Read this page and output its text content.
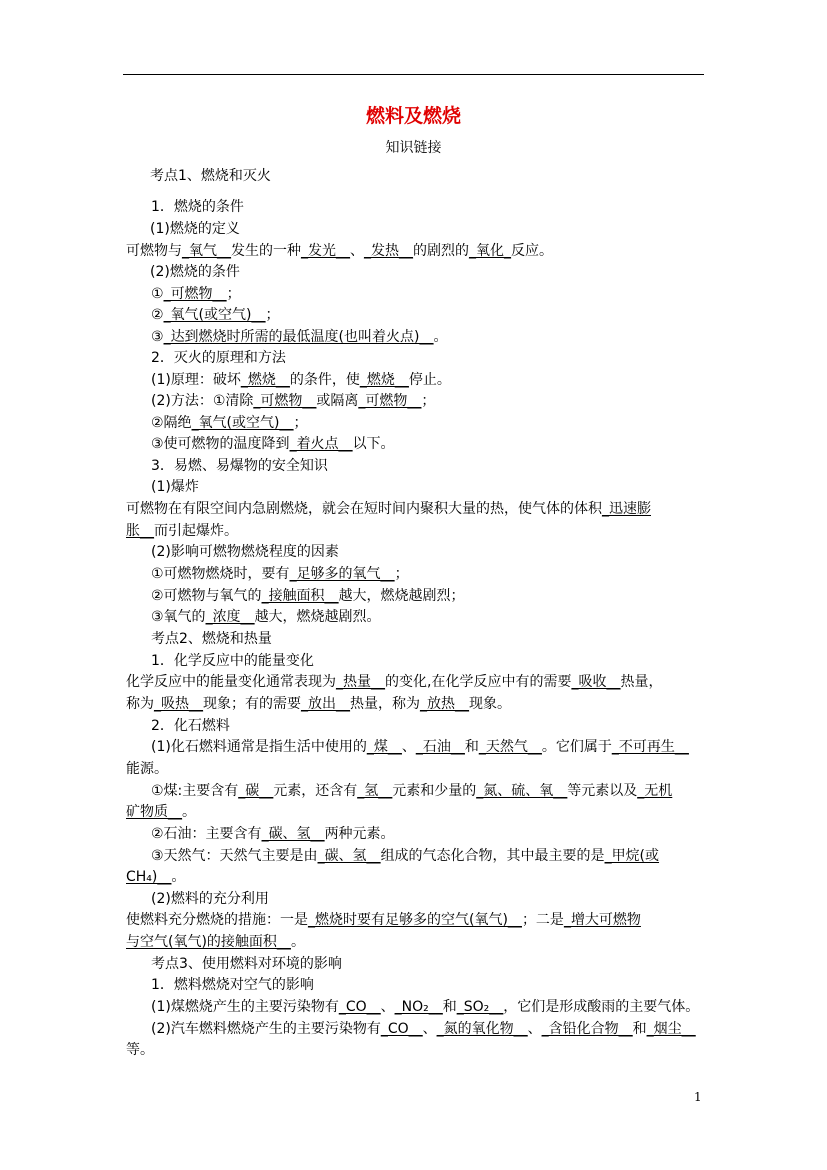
燃料及燃烧
知识链接
考点1、燃烧和灭火
1．燃烧的条件
(1)燃烧的定义
可燃物与_氧气__发生的一种_发光__、_发热__的剧烈的_氧化_反应。
(2)燃烧的条件
①_可燃物__；
②_氧气(或空气)__；
③_达到燃烧时所需的最低温度(也叫着火点)__。
2．灭火的原理和方法
(1)原理：破坏_燃烧__的条件，使_燃烧__停止。
(2)方法：①清除_可燃物__或隔离_可燃物__；
②隔绝_氧气(或空气)__；
③使可燃物的温度降到_着火点__以下。
3．易燃、易爆物的安全知识
(1)爆炸
可燃物在有限空间内急剧燃烧，就会在短时间内聚积大量的热，使气体的体积_迅速膨
胀__而引起爆炸。
(2)影响可燃物燃烧程度的因素
①可燃物燃烧时，要有_足够多的氧气__；
②可燃物与氧气的_接触面积__越大，燃烧越剧烈；
③氧气的_浓度__越大，燃烧越剧烈。
考点2、燃烧和热量
1．化学反应中的能量变化
化学反应中的能量变化通常表现为_热量__的变化,在化学反应中有的需要_吸收__热量，
称为_吸热__现象；有的需要_放出__热量，称为_放热__现象。
2．化石燃料
(1)化石燃料通常是指生活中使用的_煤__、_石油__和_天然气__。它们属于_不可再生__
能源。
①煤:主要含有_碳__元素，还含有_氢__元素和少量的_氮、硫、氧__等元素以及_无机
矿物质__。
②石油：主要含有_碳、氢__两种元素。
③天然气：天然气主要是由_碳、氢__组成的气态化合物，其中最主要的是_甲烷(或
CH₄)__。
(2)燃料的充分利用
使燃料充分燃烧的措施：一是_燃烧时要有足够多的空气(氧气)__；二是_增大可燃物
与空气(氧气)的接触面积__。
考点3、使用燃料对环境的影响
1．燃料燃烧对空气的影响
(1)煤燃烧产生的主要污染物有_CO__、_NO₂__和_SO₂__，它们是形成酸雨的主要气体。
(2)汽车燃料燃烧产生的主要污染物有_CO__、_氮的氧化物__、_含铅化合物__和_烟尘__
等。
1
